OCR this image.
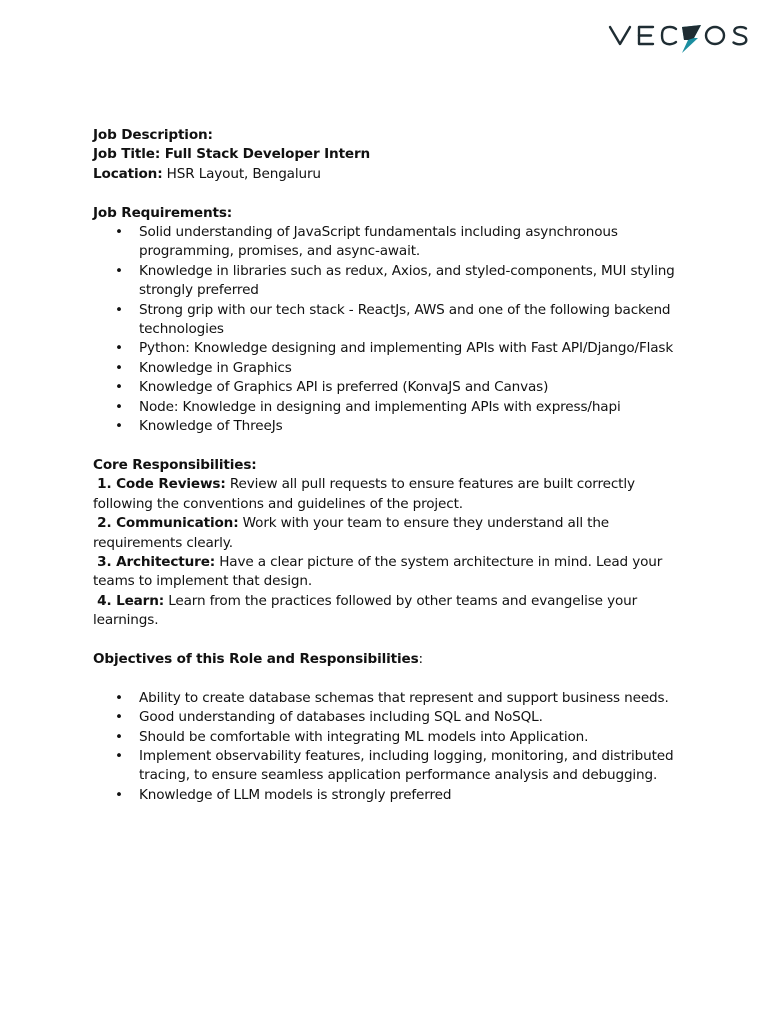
Job Description:

Job Title: Full Stack Developer Intern

Location: HSR Layout, Bengaluru

Job Requirements:

• Solid understanding of JavaScript fundamentals including asynchronous programming, promises, and async-await.
• Knowledge in libraries such as redux, Axios, and styled-components, MUI styling strongly preferred
• Strong grip with our tech stack - ReactJs, AWS and one of the following backend technologies
• Python: Knowledge designing and implementing APIs with Fast API/Django/Flask
• Knowledge in Graphics
• Knowledge of Graphics API is preferred (KonvaJS and Canvas)
• Node: Knowledge in designing and implementing APIs with express/hapi
• Knowledge of ThreeJs

Core Responsibilities:

1. Code Reviews: Review all pull requests to ensure features are built correctly following the conventions and guidelines of the project.

2. Communication: Work with your team to ensure they understand all the requirements clearly.

3. Architecture: Have a clear picture of the system architecture in mind. Lead your teams to implement that design.

4. Learn: Learn from the practices followed by other teams and evangelise your learnings.

Objectives of this Role and Responsibilities:

• Ability to create database schemas that represent and support business needs.
• Good understanding of databases including SQL and NoSQL.
• Should be comfortable with integrating ML models into Application.
• Implement observability features, including logging, monitoring, and distributed tracing, to ensure seamless application performance analysis and debugging.
• Knowledge of LLM models is strongly preferred
